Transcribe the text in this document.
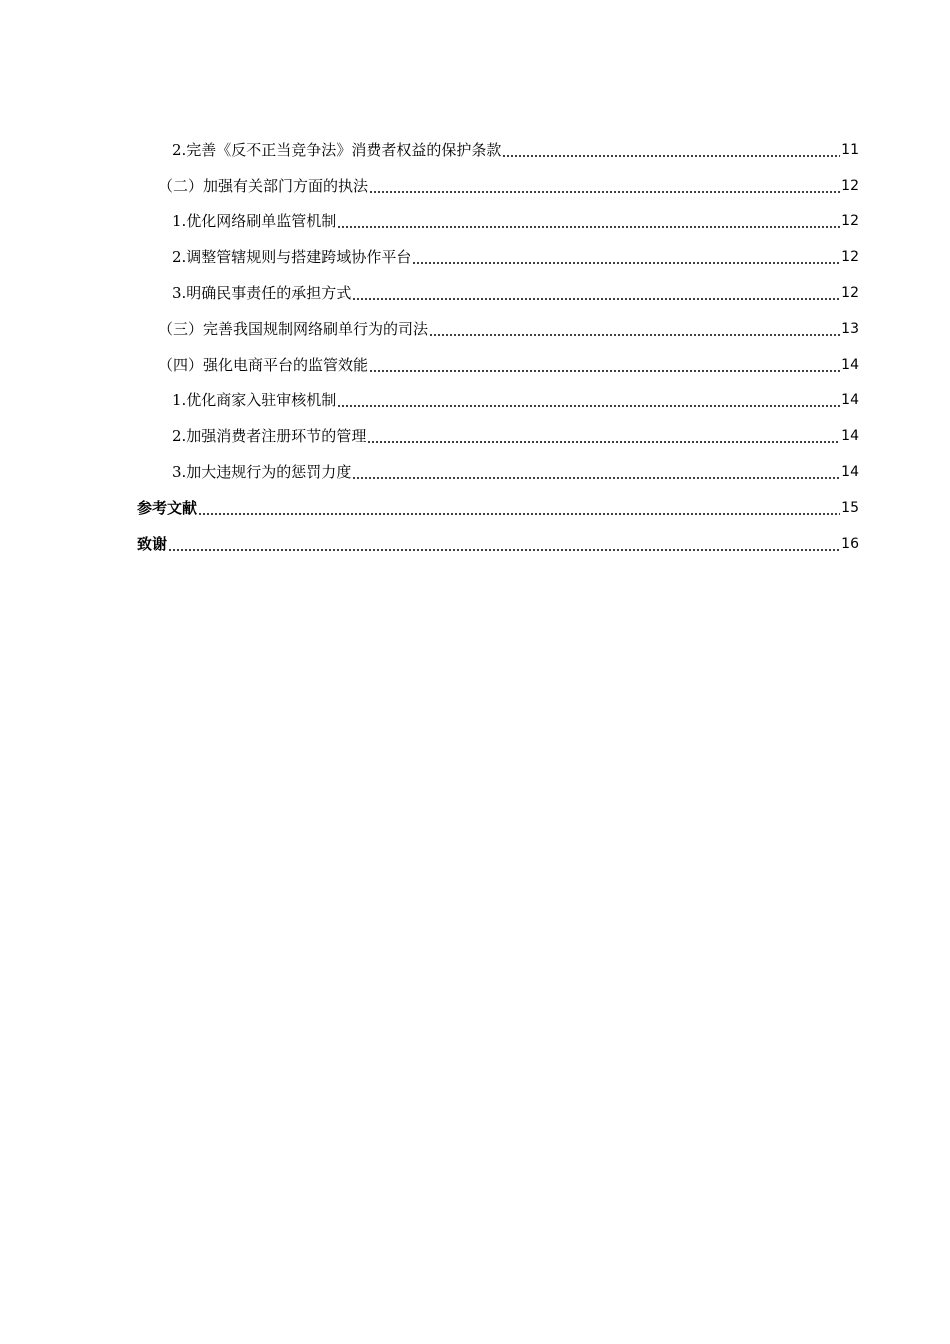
2.完善《反不正当竞争法》消费者权益的保护条款	11
（二）加强有关部门方面的执法	12
1.优化网络刷单监管机制	12
2.调整管辖规则与搭建跨域协作平台	12
3.明确民事责任的承担方式	12
（三）完善我国规制网络刷单行为的司法	13
（四）强化电商平台的监管效能	14
1.优化商家入驻审核机制	14
2.加强消费者注册环节的管理	14
3.加大违规行为的惩罚力度	14
参考文献	15
致谢	16
